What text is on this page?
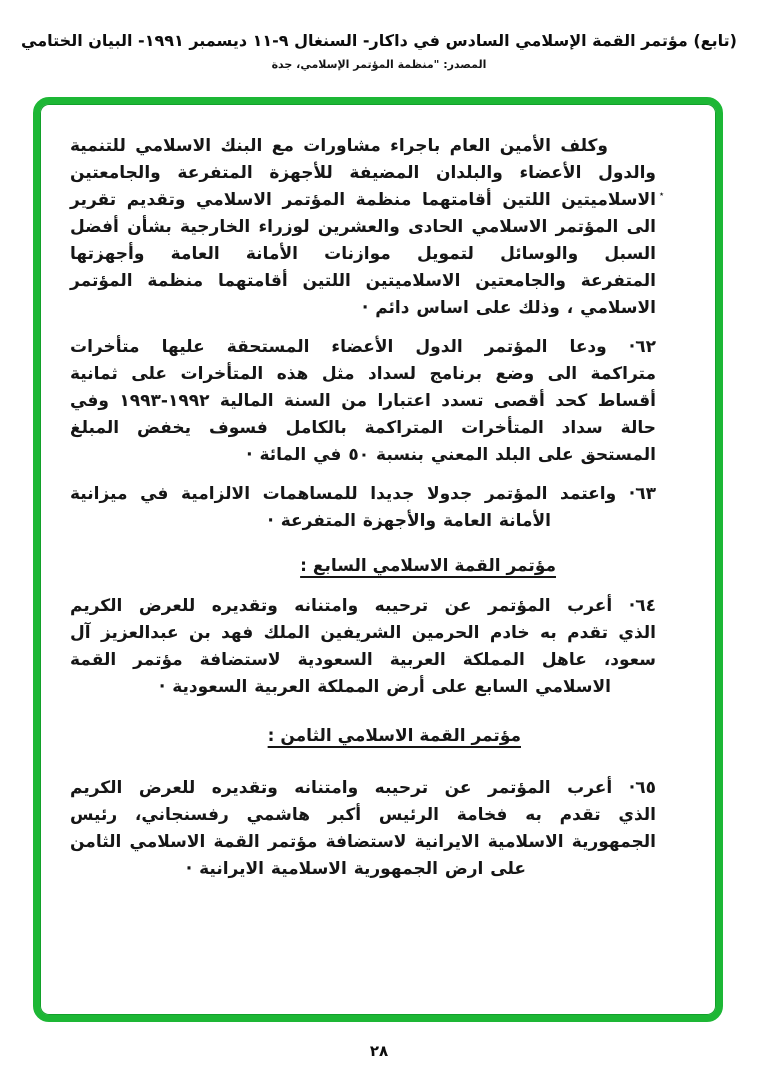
(تابع) مؤتمر القمة الإسلامي السادس في داكار- السنغال ٩-١١ ديسمبر ١٩٩١- البيان الختامي
المصدر: "منظمة المؤتمر الإسلامي، جدة
وكلف الأمين العام باجراء مشاورات مع البنك الاسلامي للتنمية
والدول الأعضاء والبلدان المضيفة للأجهزة المتفرعة والجامعتين
الاسلاميتين اللتين أقامتهما منظمة المؤتمر الاسلامي وتقديم تقرير
الى المؤتمر الاسلامي الحادى والعشرين لوزراء الخارجية بشأن أفضل
السبل والوسائل لتمويل موازنات الأمانة العامة وأجهزتها
المتفرعة والجامعتين الاسلاميتين اللتين أقامتهما منظمة المؤتمر
الاسلامي ، وذلك على اساس دائم ·
٦٢· ودعا المؤتمر الدول الأعضاء المستحقة عليها متأخرات
متراكمة الى وضع برنامج لسداد مثل هذه المتأخرات على ثمانية
أقساط كحد أقصى تسدد اعتبارا من السنة المالية ١٩٩٢-١٩٩٣ وفي
حالة سداد المتأخرات المتراكمة بالكامل فسوف يخفض المبلغ
المستحق على البلد المعني بنسبة ٥٠ في المائة ·
٦٣· واعتمد المؤتمر جدولا جديدا للمساهمات الالزامية في ميزانية
الأمانة العامة والأجهزة المتفرعة ·
مؤتمر القمة الاسلامي السابع :
٦٤· أعرب المؤتمر عن ترحيبه وامتنانه وتقديره للعرض الكريم
الذي تقدم به خادم الحرمين الشريفين الملك فهد بن عبدالعزيز آل
سعود، عاهل المملكة العربية السعودية لاستضافة مؤتمر القمة
الاسلامي السابع على أرض المملكة العربية السعودية ·
مؤتمر القمة الاسلامي الثامن :
٦٥· أعرب المؤتمر عن ترحيبه وامتنانه وتقديره للعرض الكريم
الذي تقدم به فخامة الرئيس أكبر هاشمي رفسنجاني، رئيس
الجمهورية الاسلامية الايرانية لاستضافة مؤتمر القمة الاسلامي الثامن
على ارض الجمهورية الاسلامية الايرانية ·
٭
٢٨
